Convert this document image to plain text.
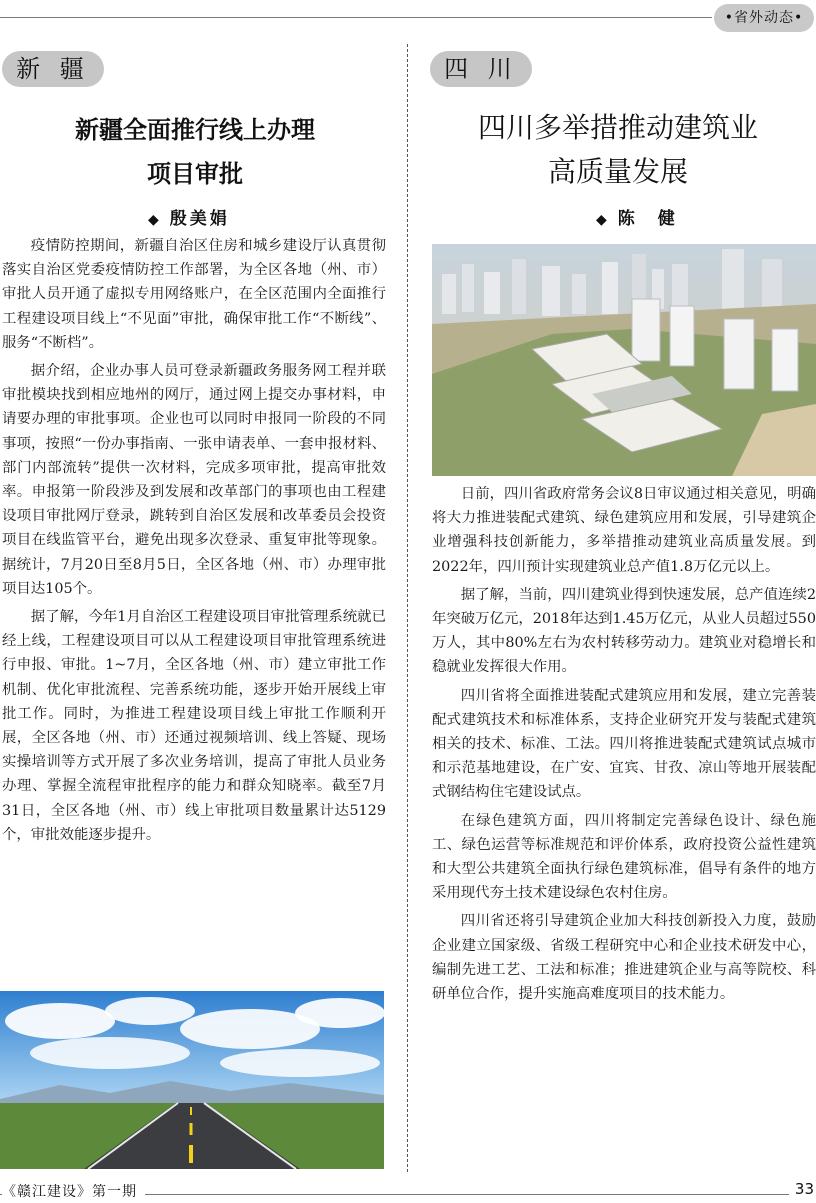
•省外动态•
新 疆
新疆全面推行线上办理
项目审批
◆ 殷美娟

疫情防控期间，新疆自治区住房和城乡建设厅认真贯彻落实自治区党委疫情防控工作部署，为全区各地（州、市）审批人员开通了虚拟专用网络账户，在全区范围内全面推行工程建设项目线上“不见面”审批，确保审批工作“不断线”、服务“不断档”。

据介绍，企业办事人员可登录新疆政务服务网工程并联审批模块找到相应地州的网厅，通过网上提交办事材料，申请要办理的审批事项。企业也可以同时申报同一阶段的不同事项，按照“一份办事指南、一张申请表单、一套申报材料、部门内部流转”提供一次材料，完成多项审批，提高审批效率。申报第一阶段涉及到发展和改革部门的事项也由工程建设项目审批网厅登录，跳转到自治区发展和改革委员会投资项目在线监管平台，避免出现多次登录、重复审批等现象。据统计，7月20日至8月5日，全区各地（州、市）办理审批项目达105个。

据了解，今年1月自治区工程建设项目审批管理系统就已经上线，工程建设项目可以从工程建设项目审批管理系统进行申报、审批。1~7月，全区各地（州、市）建立审批工作机制、优化审批流程、完善系统功能，逐步开始开展线上审批工作。同时，为推进工程建设项目线上审批工作顺利开展，全区各地（州、市）还通过视频培训、线上答疑、现场实操培训等方式开展了多次业务培训，提高了审批人员业务办理、掌握全流程审批程序的能力和群众知晓率。截至7月31日，全区各地（州、市）线上审批项目数量累计达5129个，审批效能逐步提升。

四 川
四川多举措推动建筑业
高质量发展
◆ 陈　健

日前，四川省政府常务会议8日审议通过相关意见，明确将大力推进装配式建筑、绿色建筑应用和发展，引导建筑企业增强科技创新能力，多举措推动建筑业高质量发展。到2022年，四川预计实现建筑业总产值1.8万亿元以上。

据了解，当前，四川建筑业得到快速发展，总产值连续2年突破万亿元，2018年达到1.45万亿元，从业人员超过550万人，其中80%左右为农村转移劳动力。建筑业对稳增长和稳就业发挥很大作用。

四川省将全面推进装配式建筑应用和发展，建立完善装配式建筑技术和标准体系，支持企业研究开发与装配式建筑相关的技术、标准、工法。四川将推进装配式建筑试点城市和示范基地建设，在广安、宜宾、甘孜、凉山等地开展装配式钢结构住宅建设试点。

在绿色建筑方面，四川将制定完善绿色设计、绿色施工、绿色运营等标准规范和评价体系，政府投资公益性建筑和大型公共建筑全面执行绿色建筑标准，倡导有条件的地方采用现代夯土技术建设绿色农村住房。

四川省还将引导建筑企业加大科技创新投入力度，鼓励企业建立国家级、省级工程研究中心和企业技术研发中心，编制先进工艺、工法和标准；推进建筑企业与高等院校、科研单位合作，提升实施高难度项目的技术能力。

《赣江建设》第一期	33
